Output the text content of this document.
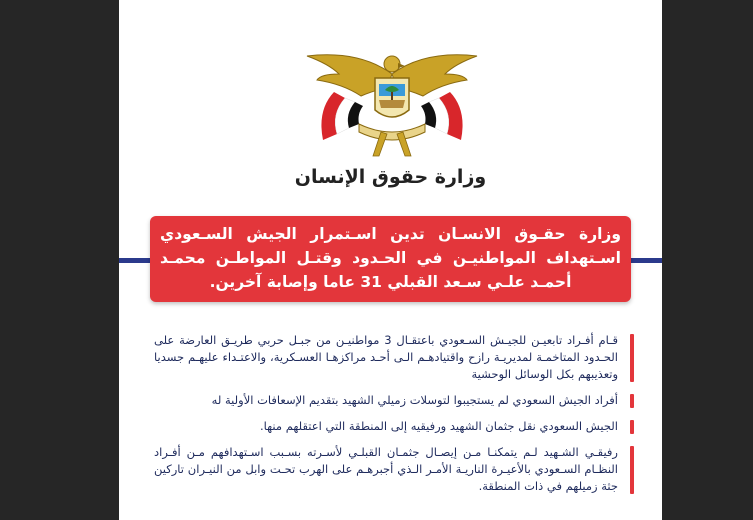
وزارة حقوق الإنسان
وزارة حقـوق الانسـان تدين اسـتمرار الجيش السـعودي اسـتهداف المواطنيـن في الحـدود وقتـل المواطـن محمـد أحمـد علـي سـعد القبلي 31 عاما وإصابة آخرين.
قـام أفـراد تابعيـن للجيـش السـعودي باعتقـال 3 مواطنيـن من جبـل حربي طريـق العارضة على الحـدود المتاخمـة لمديريـة رازح واقتيادهـم الـى أحـد مراكزهـا العسـكرية، والاعتـداء عليهـم جسديا وتعذيبهم بكل الوسائل الوحشية
أفراد الجيش السعودي لم يستجيبوا لتوسلات زميلي الشهيد بتقديم الإسعافات الأولية له
الجيش السعودي نقل جثمان الشهيد ورفيقيه إلى المنطقة التي اعتقلهم منها.
رفيقـي الشـهيد لـم يتمكنـا مـن إيصـال جثمـان القبلـي لأسـرته بسـبب اسـتهدافهم مـن أفـراد النظـام السـعودي بالأعيـرة الناريـة الأمـر الـذي أجبرهـم على الهرب تحـت وابل من النيـران تاركين جثة زميلهم في ذات المنطقة.
